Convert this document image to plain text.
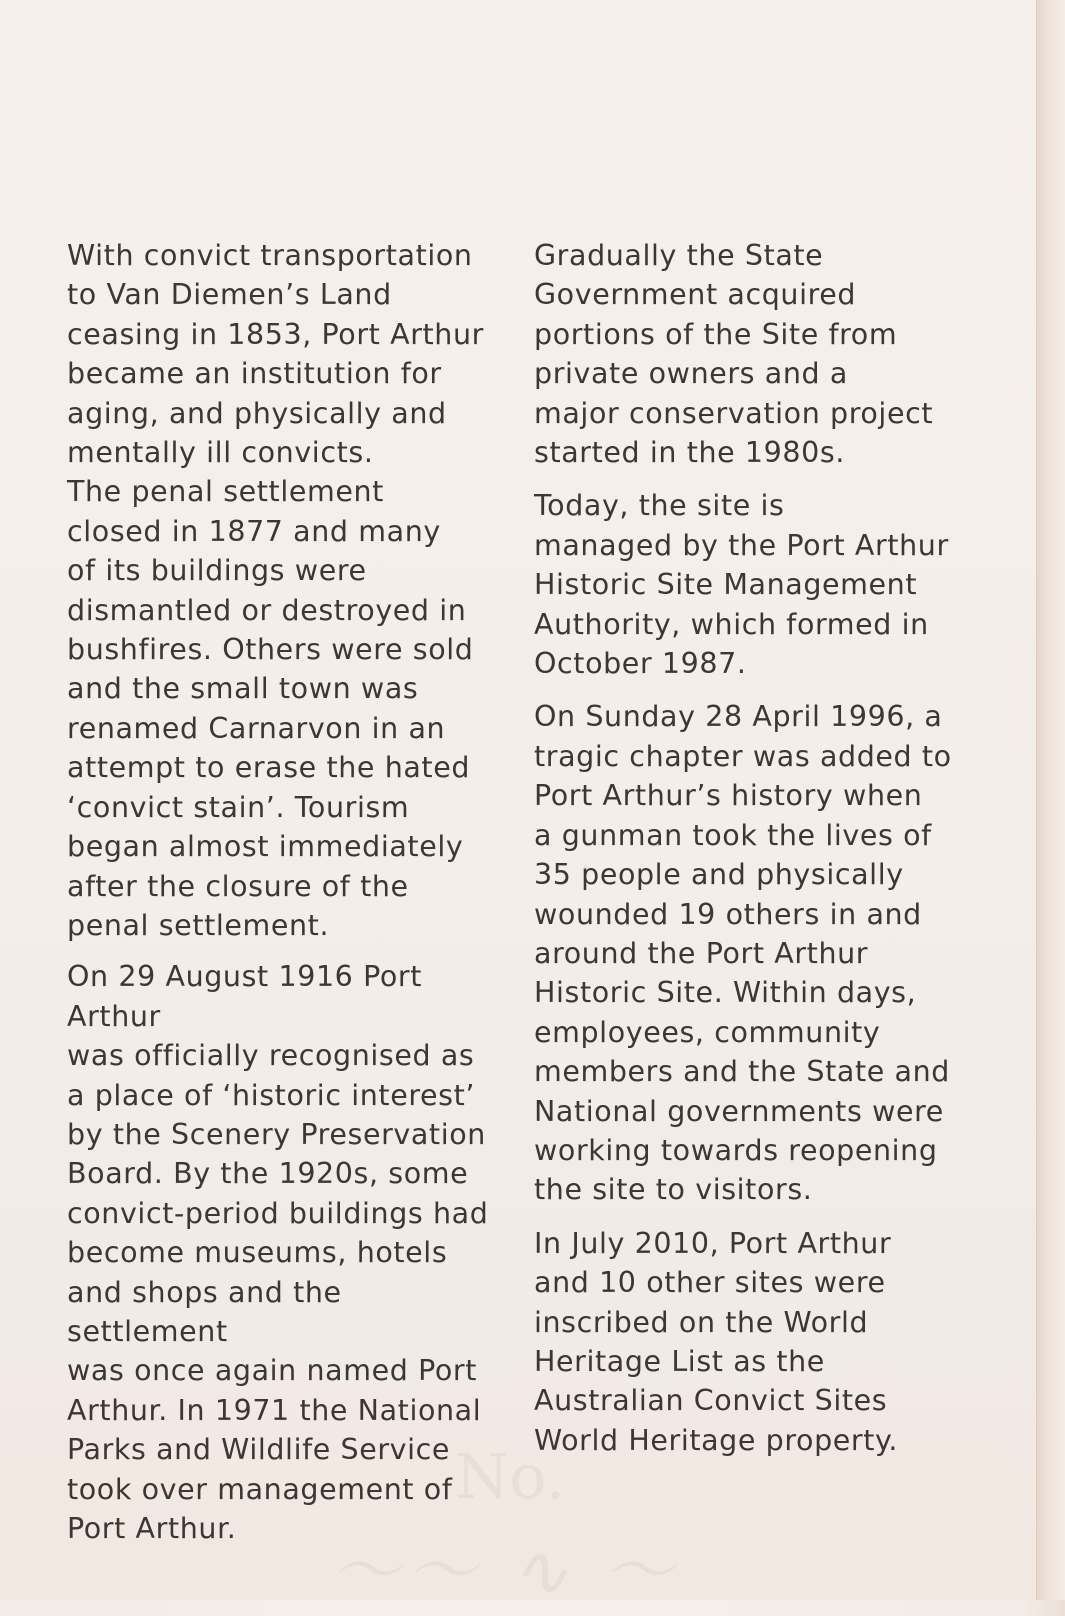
No.
〜〜 ∿ 〜

With convict transportation
to Van Diemen’s Land
ceasing in 1853, Port Arthur
became an institution for
aging, and physically and
mentally ill convicts.
The penal settlement
closed in 1877 and many
of its buildings were
dismantled or destroyed in
bushfires. Others were sold
and the small town was
renamed Carnarvon in an
attempt to erase the hated
‘convict stain’. Tourism
began almost immediately
after the closure of the
penal settlement.

On 29 August 1916 Port Arthur
was officially recognised as
a place of ‘historic interest’
by the Scenery Preservation
Board. By the 1920s, some
convict-period buildings had
become museums, hotels
and shops and the settlement
was once again named Port
Arthur. In 1971 the National
Parks and Wildlife Service
took over management of
Port Arthur.

Gradually the State
Government acquired
portions of the Site from
private owners and a
major conservation project
started in the 1980s.

Today, the site is
managed by the Port Arthur
Historic Site Management
Authority, which formed in
October 1987.

On Sunday 28 April 1996, a
tragic chapter was added to
Port Arthur’s history when
a gunman took the lives of
35 people and physically
wounded 19 others in and
around the Port Arthur
Historic Site. Within days,
employees, community
members and the State and
National governments were
working towards reopening
the site to visitors.

In July 2010, Port Arthur
and 10 other sites were
inscribed on the World
Heritage List as the
Australian Convict Sites
World Heritage property.
